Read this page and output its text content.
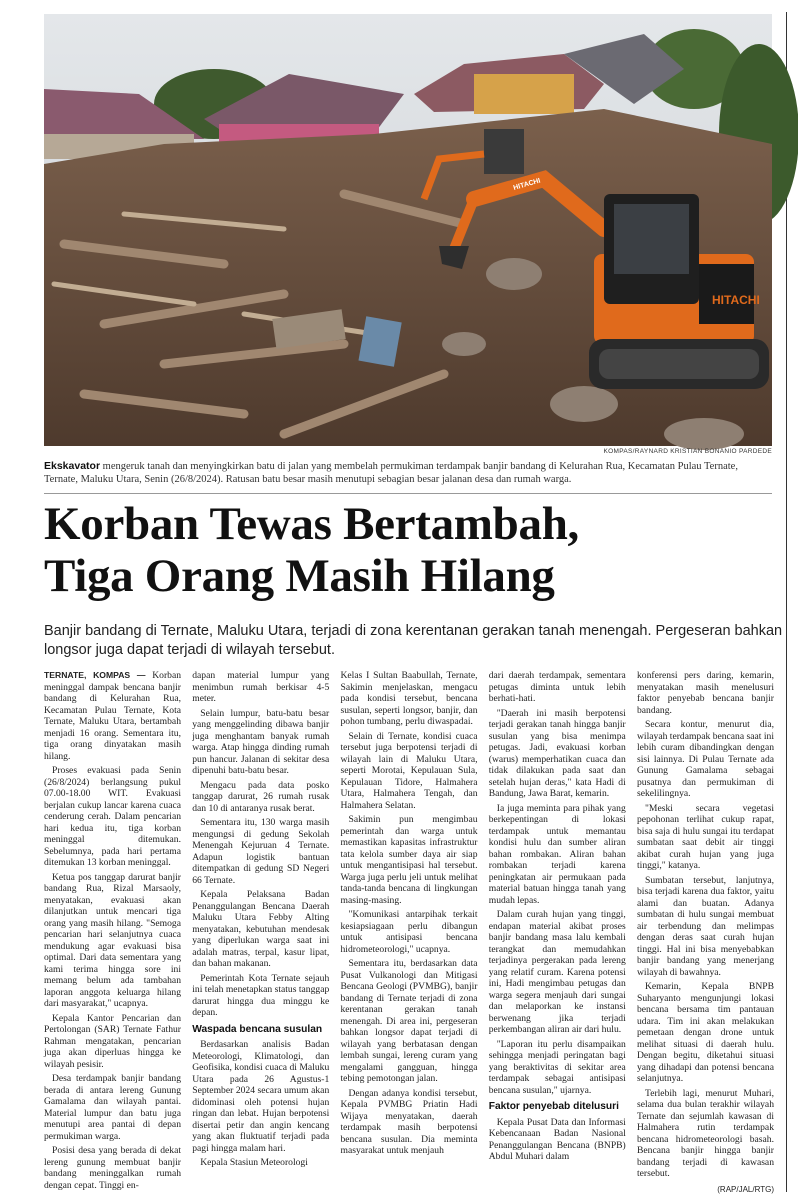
HITACHI
HITACHI
KOMPAS/RAYNARD KRISTIAN BONANIO PARDEDE
Ekskavator mengeruk tanah dan menyingkirkan batu di jalan yang membelah permukiman terdampak banjir bandang di Kelurahan Rua, Kecamatan Pulau Ternate, Ternate, Maluku Utara, Senin (26/8/2024). Ratusan batu besar masih menutupi sebagian besar jalanan desa dan rumah warga.
Korban Tewas Bertambah,
Tiga Orang Masih Hilang
Banjir bandang di Ternate, Maluku Utara, terjadi di zona kerentanan gerakan tanah menengah. Pergeseran bahkan longsor juga dapat terjadi di wilayah tersebut.

TERNATE, KOMPAS — Korban meninggal dampak bencana banjir bandang di Kelurahan Rua, Kecamatan Pulau Ternate, Kota Ternate, Maluku Utara, bertambah menjadi 16 orang. Sementara itu, tiga orang dinyatakan masih hilang.

Proses evakuasi pada Senin (26/8/2024) berlangsung pukul 07.00-18.00 WIT. Evakuasi berjalan cukup lancar karena cuaca cenderung cerah. Dalam pencarian hari kedua itu, tiga korban meninggal ditemukan. Sebelumnya, pada hari pertama ditemukan 13 korban meninggal.

Ketua pos tanggap darurat banjir bandang Rua, Rizal Marsaoly, menyatakan, evakuasi akan dilanjutkan untuk mencari tiga orang yang masih hilang. "Semoga pencarian hari selanjutnya cuaca mendukung agar evakuasi bisa optimal. Dari data sementara yang kami terima hingga sore ini memang belum ada tambahan laporan anggota keluarga hilang dari masyarakat," ucapnya.

Kepala Kantor Pencarian dan Pertolongan (SAR) Ternate Fathur Rahman mengatakan, pencarian juga akan diperluas hingga ke wilayah pesisir.

Desa terdampak banjir bandang berada di antara lereng Gunung Gamalama dan wilayah pantai. Material lumpur dan batu juga menutupi area pantai di depan permukiman warga.

Posisi desa yang berada di dekat lereng gunung membuat banjir bandang meninggalkan rumah dengan cepat. Tinggi en-

dapan material lumpur yang menimbun rumah berkisar 4-5 meter.

Selain lumpur, batu-batu besar yang menggelinding dibawa banjir juga menghantam banyak rumah warga. Atap hingga dinding rumah pun hancur. Jalanan di sekitar desa dipenuhi batu-batu besar.

Mengacu pada data posko tanggap darurat, 26 rumah rusak dan 10 di antaranya rusak berat.

Sementara itu, 130 warga masih mengungsi di gedung Sekolah Menengah Kejuruan 4 Ternate. Adapun logistik bantuan ditempatkan di gedung SD Negeri 66 Ternate.

Kepala Pelaksana Badan Penanggulangan Bencana Daerah Maluku Utara Febby Alting menyatakan, kebutuhan mendesak yang diperlukan warga saat ini adalah matras, terpal, kasur lipat, dan bahan makanan.

Pemerintah Kota Ternate sejauh ini telah menetapkan status tanggap darurat hingga dua minggu ke depan.

Waspada bencana susulan

Berdasarkan analisis Badan Meteorologi, Klimatologi, dan Geofisika, kondisi cuaca di Maluku Utara pada 26 Agustus-1 September 2024 secara umum akan didominasi oleh potensi hujan ringan dan lebat. Hujan berpotensi disertai petir dan angin kencang yang akan fluktuatif terjadi pada pagi hingga malam hari.

Kepala Stasiun Meteorologi

Kelas I Sultan Baabullah, Ternate, Sakimin menjelaskan, mengacu pada kondisi tersebut, bencana susulan, seperti longsor, banjir, dan pohon tumbang, perlu diwaspadai.

Selain di Ternate, kondisi cuaca tersebut juga berpotensi terjadi di wilayah lain di Maluku Utara, seperti Morotai, Kepulauan Sula, Kepulauan Tidore, Halmahera Utara, Halmahera Tengah, dan Halmahera Selatan.

Sakimin pun mengimbau pemerintah dan warga untuk memastikan kapasitas infrastruktur tata kelola sumber daya air siap untuk mengantisipasi hal tersebut. Warga juga perlu jeli untuk melihat tanda-tanda bencana di lingkungan masing-masing.

"Komunikasi antarpihak terkait kesiapsiagaan perlu dibangun untuk antisipasi bencana hidrometeorologi," ucapnya.

Sementara itu, berdasarkan data Pusat Vulkanologi dan Mitigasi Bencana Geologi (PVMBG), banjir bandang di Ternate terjadi di zona kerentanan gerakan tanah menengah. Di area ini, pergeseran bahkan longsor dapat terjadi di wilayah yang berbatasan dengan lembah sungai, lereng curam yang mengalami gangguan, hingga tebing pemotongan jalan.

Dengan adanya kondisi tersebut, Kepala PVMBG Priatin Hadi Wijaya menyatakan, daerah terdampak masih berpotensi bencana susulan. Dia meminta masyarakat untuk menjauh

dari daerah terdampak, sementara petugas diminta untuk lebih berhati-hati.

"Daerah ini masih berpotensi terjadi gerakan tanah hingga banjir susulan yang bisa menimpa petugas. Jadi, evakuasi korban (warus) memperhatikan cuaca dan tidak dilakukan pada saat dan setelah hujan deras," kata Hadi di Bandung, Jawa Barat, kemarin.

Ia juga meminta para pihak yang berkepentingan di lokasi terdampak untuk memantau kondisi hulu dan sumber aliran bahan rombakan. Aliran bahan rombakan terjadi karena peningkatan air permukaan pada material batuan hingga tanah yang mudah lepas.

Dalam curah hujan yang tinggi, endapan material akibat proses banjir bandang masa lalu kembali terangkat dan memudahkan terjadinya pergerakan pada lereng yang relatif curam. Karena potensi ini, Hadi mengimbau petugas dan warga segera menjauh dari sungai dan melaporkan ke instansi berwenang jika terjadi perkembangan aliran air dari hulu.

"Laporan itu perlu disampaikan sehingga menjadi peringatan bagi yang beraktivitas di sekitar area terdampak sebagai antisipasi bencana susulan," ujarnya.

Faktor penyebab ditelusuri

Kepala Pusat Data dan Informasi Kebencanaan Badan Nasional Penanggulangan Bencana (BNPB) Abdul Muhari dalam

konferensi pers daring, kemarin, menyatakan masih menelusuri faktor penyebab bencana banjir bandang.

Secara kontur, menurut dia, wilayah terdampak bencana saat ini lebih curam dibandingkan dengan sisi lainnya. Di Pulau Ternate ada Gunung Gamalama sebagai pusatnya dan permukiman di sekelilingnya.

"Meski secara vegetasi pepohonan terlihat cukup rapat, bisa saja di hulu sungai itu terdapat sumbatan saat debit air tinggi akibat curah hujan yang juga tinggi," katanya.

Sumbatan tersebut, lanjutnya, bisa terjadi karena dua faktor, yaitu alami dan buatan. Adanya sumbatan di hulu sungai membuat air terbendung dan melimpas dengan deras saat curah hujan tinggi. Hal ini bisa menyebabkan banjir bandang yang menerjang wilayah di bawahnya.

Kemarin, Kepala BNPB Suharyanto mengunjungi lokasi bencana bersama tim pantauan udara. Tim ini akan melakukan pemetaan dengan drone untuk melihat situasi di daerah hulu. Dengan begitu, diketahui situasi yang dihadapi dan potensi bencana selanjutnya.

Terlebih lagi, menurut Muhari, selama dua bulan terakhir wilayah Ternate dan sejumlah kawasan di Halmahera rutin terdampak bencana hidrometeorologi basah. Bencana banjir hingga banjir bandang terjadi di kawasan tersebut.

(RAP/JAL/RTG)
